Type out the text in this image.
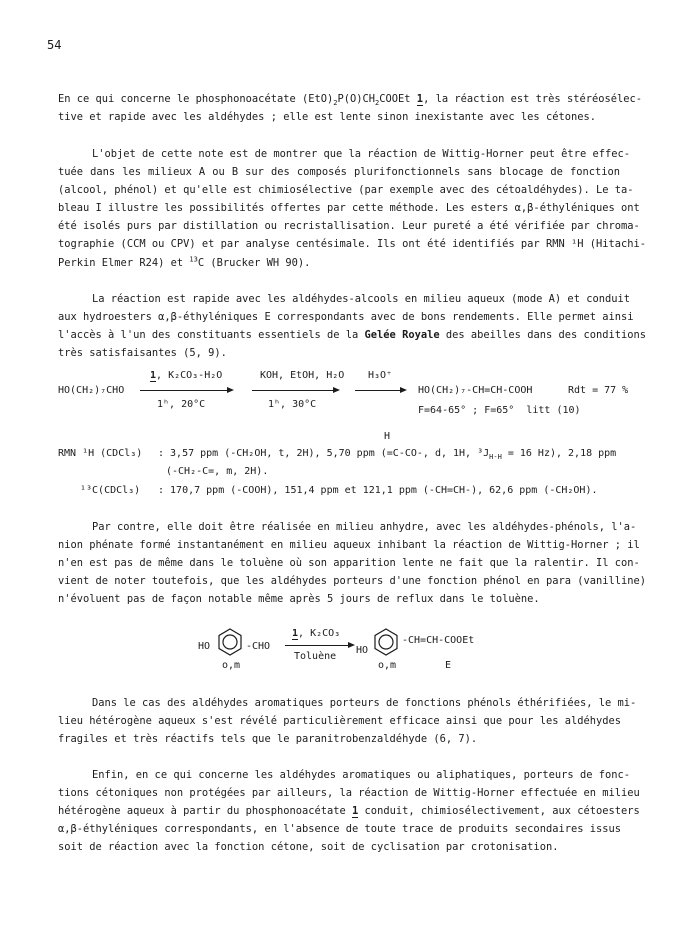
54
En ce qui concerne le phosphonoacétate $(EtO)_2P(O)CH_2COOEt$ 1, la réaction est très stéréosélec-
tive et rapide avec les aldéhydes ; elle est lente sinon inexistante avec les cétones.
L'objet de cette note est de montrer que la réaction de Wittig-Horner peut être effec-
tuée dans les milieux A ou B sur des composés plurifonctionnels sans blocage de fonction
(alcool, phénol) et qu'elle est chimiosélective (par exemple avec des cétoaldéhydes). Le ta-
bleau I illustre les possibilités offertes par cette méthode. Les esters α,β-éthyléniques ont
été isolés purs par distillation ou recristallisation. Leur pureté a été vérifiée par chroma-
tographie (CCM ou CPV) et par analyse centésimale. Ils ont été identifiés par RMN ¹H (Hitachi-
Perkin Elmer R24) et $^{13}$C (Brucker WH 90).
La réaction est rapide avec les aldéhydes-alcools en milieu aqueux (mode A) et conduit
aux hydroesters α,β-éthyléniques E correspondants avec de bons rendements. Elle permet ainsi
l'accès à l'un des constituants essentiels de la Gelée Royale des abeilles dans des conditions
très satisfaisantes (5, 9).
HO(CH₂)₇CHO
1, K₂CO₃-H₂O
1ʰ, 20°C
KOH, EtOH, H₂O
1ʰ, 30°C
H₃O⁺
HO(CH₂)₇-CH=CH-COOH	Rdt = 77 %
F=64-65° ; F=65°  litt (10)
H
RMN ¹H (CDCl₃) : 3,57 ppm (-CH₂OH, t, 2H), 5,70 ppm (=C-CO-, d, 1H, $^3J_{H-H} = 16$ Hz), 2,18 ppm
(-CH₂-C=, m, 2H).
¹³C(CDCl₃) : 170,7 ppm (-COOH), 151,4 ppm et 121,1 ppm (-CH=CH-), 62,6 ppm (-CH₂OH).
Par contre, elle doit être réalisée en milieu anhydre, avec les aldéhydes-phénols, l'a-
nion phénate formé instantanément en milieu aqueux inhibant la réaction de Wittig-Horner ; il
n'en est pas de même dans le toluène où son apparition lente ne fait que la ralentir. Il con-
vient de noter toutefois, que les aldéhydes porteurs d'une fonction phénol en para (vanilline)
n'évoluent pas de façon notable même après 5 jours de reflux dans le toluène.
HO	-CHO
o,m
1, K₂CO₃
Toluène
HO
-CH=CH-COOEt
o,m	E
Dans le cas des aldéhydes aromatiques porteurs de fonctions phénols éthérifiées, le mi-
lieu hétérogène aqueux s'est révélé particulièrement efficace ainsi que pour les aldéhydes
fragiles et très réactifs tels que le paranitrobenzaldéhyde (6, 7).
Enfin, en ce qui concerne les aldéhydes aromatiques ou aliphatiques, porteurs de fonc-
tions cétoniques non protégées par ailleurs, la réaction de Wittig-Horner effectuée en milieu
hétérogène aqueux à partir du phosphonoacétate 1 conduit, chimiosélectivement, aux cétoesters
α,β-éthyléniques correspondants, en l'absence de toute trace de produits secondaires issus
soit de réaction avec la fonction cétone, soit de cyclisation par crotonisation.
